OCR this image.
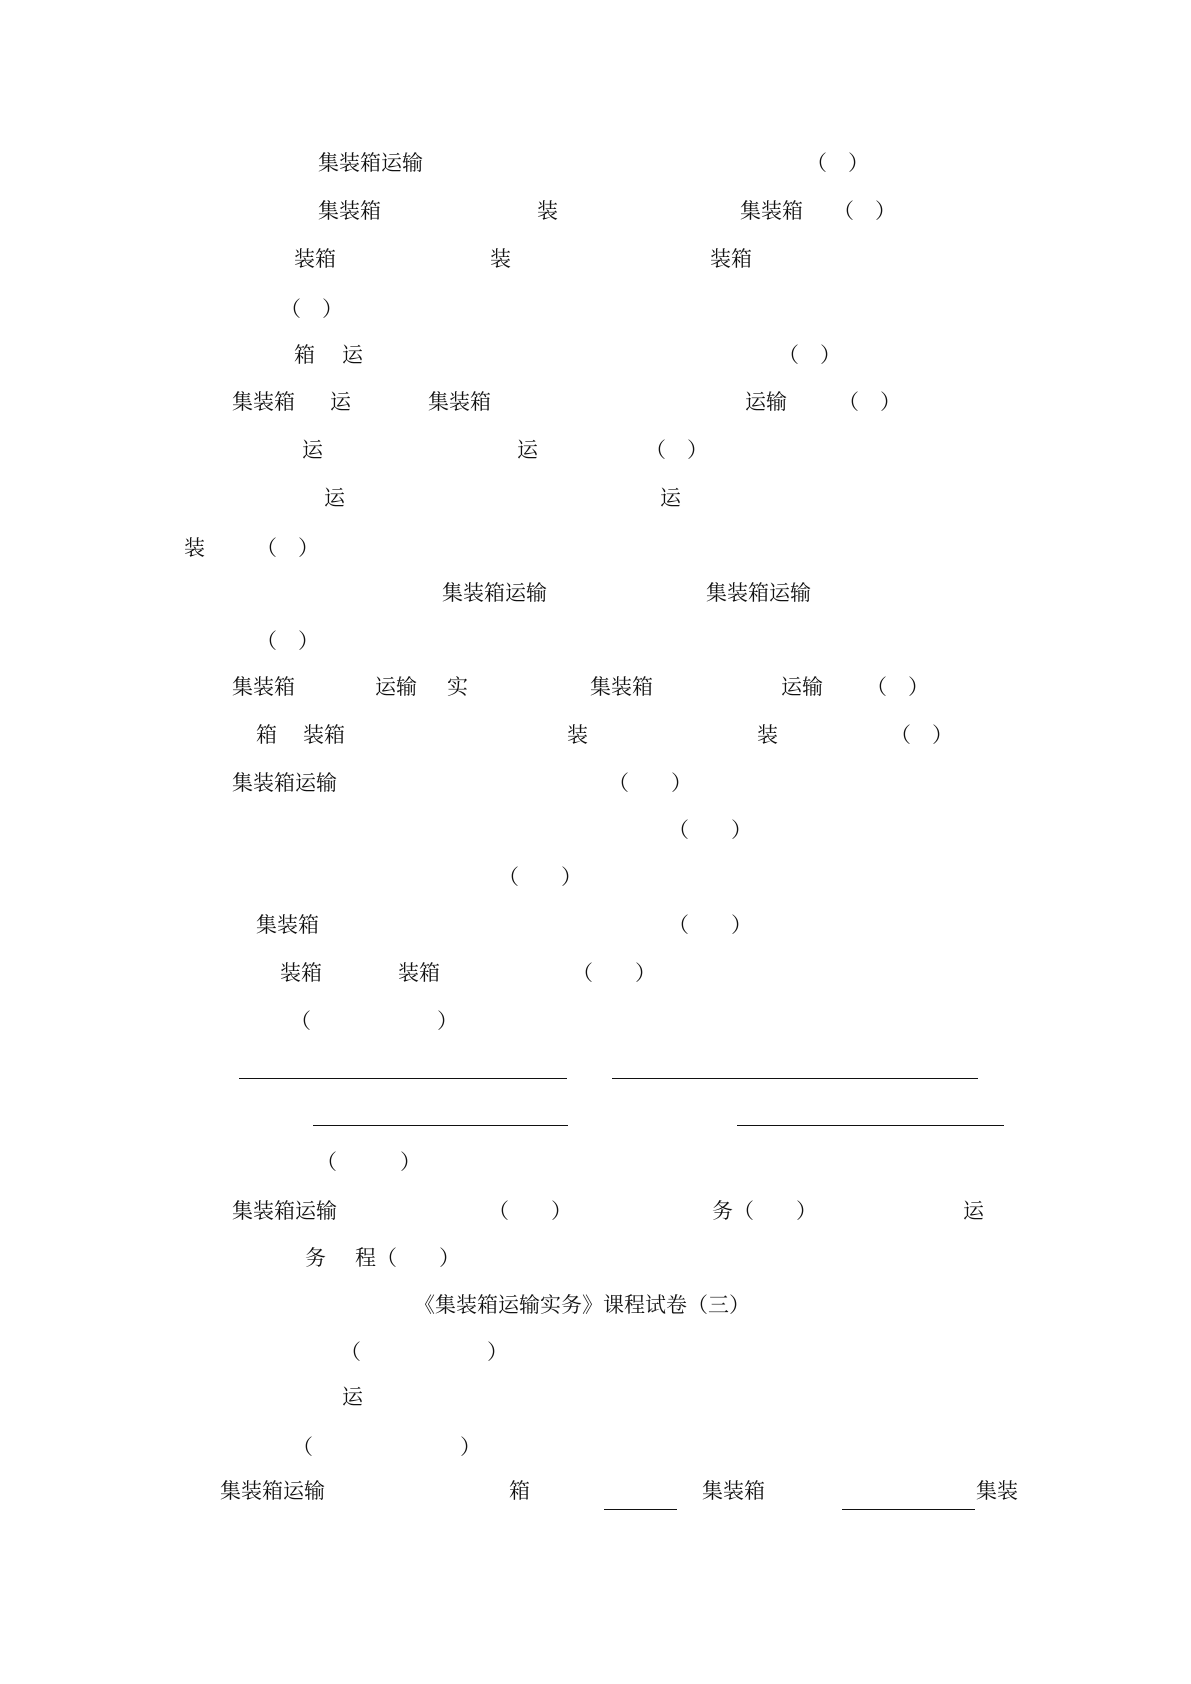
集装箱运输	（　）
集装箱	装	集装箱 （　）
装箱	装	装箱
（　）
箱 运	（　）
集装箱 运	集装箱	运输 （　）
运	运	（　）
运	运
装 （　）
集装箱运输	集装箱运输
（　）
集装箱	运输 实	集装箱	运输 （　）
箱 装箱	装	装	（　）
集装箱运输	（　　）
（　　）
（　　）
集装箱	（　　）
装箱	装箱	（　　）
（　　　　　　）
（　　　）
集装箱运输	（　　）	务（　　）	运
务 程（　　）
《集装箱运输实务》课程试卷（三）
（　　　　　　）
运
（　　　　　　　）
集装箱运输	箱	集装箱	集装
